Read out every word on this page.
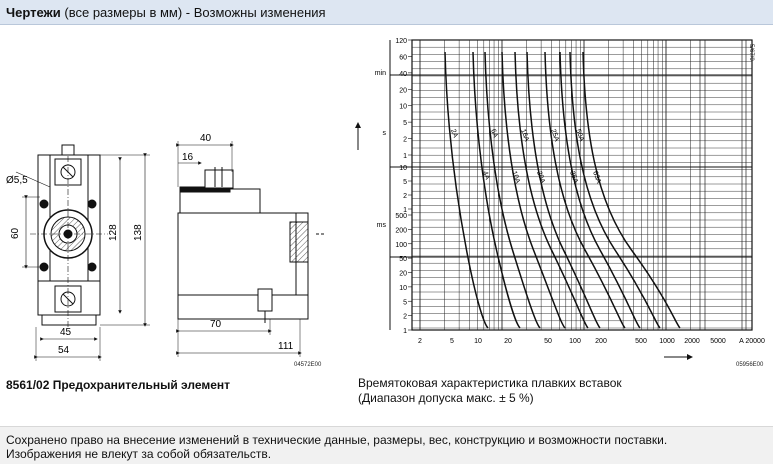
Чертежи (все размеры в мм) - Возможны изменения
Ø5,5
60	128 138
45
54
40
16
70
111
120
60
40
20
10
5
2
1
500
200
100
50
20
10
5
2
1
10
5
2
1
min
s
ms
2	5	10	20	50 100 200	500 1000 2000 5000 A 20000
2A
4A
6A
10A
16A
20A
25A
35A
50A
63A
04572E00
5/67/0
05956E00
8561/02 Предохранительный элемент	Времятоковая характеристика плавких вставок
(Диапазон допуска макс. ± 5 %)
Сохранено право на внесение изменений в технические данные, размеры, вес, конструкцию и возможности поставки.
Изображения не влекут за собой обязательств.
